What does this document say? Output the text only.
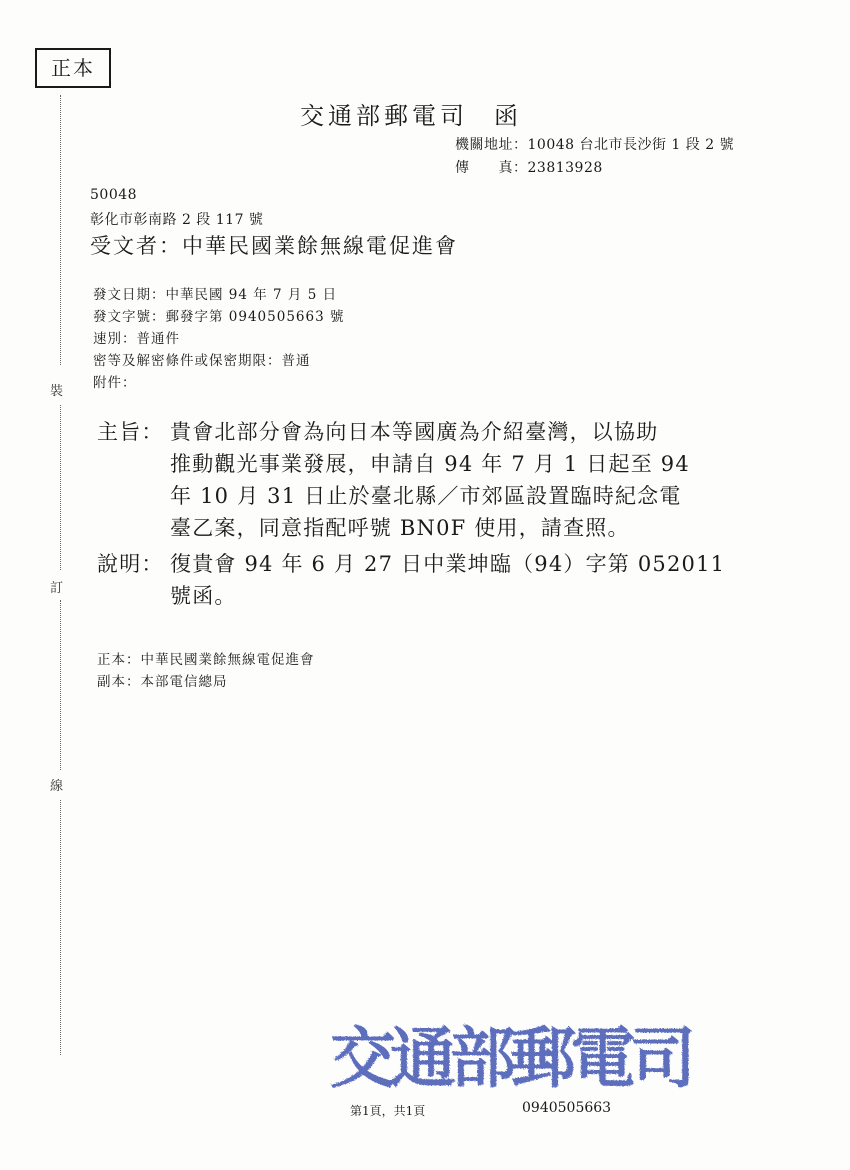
正本
裝
訂
線
交通部郵電司 函
機關地址：10048 台北市長沙街 1 段 2 號
傳　　真：23813928
50048
彰化市彰南路 2 段 117 號
受文者：中華民國業餘無線電促進會
發文日期：中華民國 94 年 7 月 5 日
發文字號：郵發字第 0940505663 號
速別：普通件
密等及解密條件或保密期限：普通
附件：
主旨： 貴會北部分會為向日本等國廣為介紹臺灣，以協助
推動觀光事業發展，申請自 94 年 7 月 1 日起至 94
年 10 月 31 日止於臺北縣／市郊區設置臨時紀念電
臺乙案，同意指配呼號 BN0F 使用，請查照。
說明： 復貴會 94 年 6 月 27 日中業坤臨（94）字第 052011
號函。
正本：中華民國業餘無線電促進會
副本：本部電信總局
交通部郵電司
第1頁，共1頁	0940505663
